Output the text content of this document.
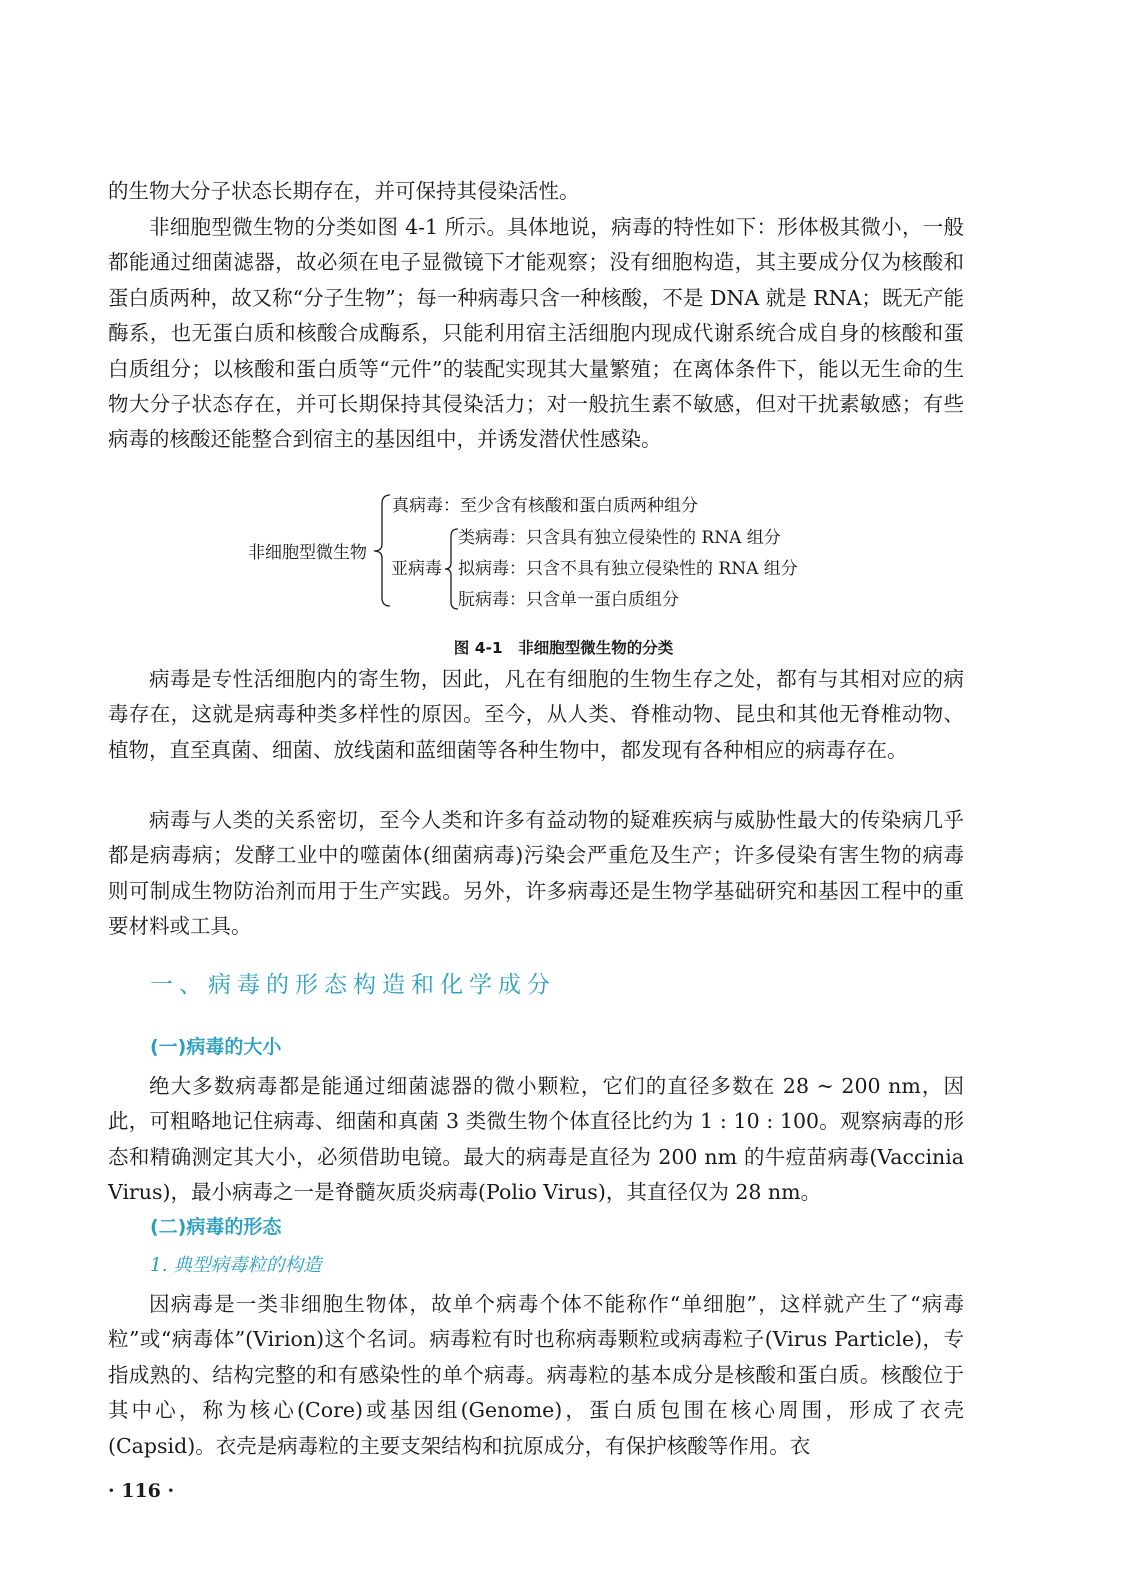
的生物大分子状态长期存在，并可保持其侵染活性。

非细胞型微生物的分类如图 4-1 所示。具体地说，病毒的特性如下：形体极其微小，一般都能通过细菌滤器，故必须在电子显微镜下才能观察；没有细胞构造，其主要成分仅为核酸和蛋白质两种，故又称“分子生物”；每一种病毒只含一种核酸，不是 DNA 就是 RNA；既无产能酶系，也无蛋白质和核酸合成酶系，只能利用宿主活细胞内现成代谢系统合成自身的核酸和蛋白质组分；以核酸和蛋白质等“元件”的装配实现其大量繁殖；在离体条件下，能以无生命的生物大分子状态存在，并可长期保持其侵染活力；对一般抗生素不敏感，但对干扰素敏感；有些病毒的核酸还能整合到宿主的基因组中，并诱发潜伏性感染。

非细胞型微生物
真病毒：至少含有核酸和蛋白质两种组分
亚病毒
类病毒：只含具有独立侵染性的 RNA 组分
拟病毒：只含不具有独立侵染性的 RNA 组分
朊病毒：只含单一蛋白质组分
图 4-1　非细胞型微生物的分类

病毒是专性活细胞内的寄生物，因此，凡在有细胞的生物生存之处，都有与其相对应的病毒存在，这就是病毒种类多样性的原因。至今，从人类、脊椎动物、昆虫和其他无脊椎动物、植物，直至真菌、细菌、放线菌和蓝细菌等各种生物中，都发现有各种相应的病毒存在。

病毒与人类的关系密切，至今人类和许多有益动物的疑难疾病与威胁性最大的传染病几乎都是病毒病；发酵工业中的噬菌体(细菌病毒)污染会严重危及生产；许多侵染有害生物的病毒则可制成生物防治剂而用于生产实践。另外，许多病毒还是生物学基础研究和基因工程中的重要材料或工具。

一、病毒的形态构造和化学成分
(一)病毒的大小

绝大多数病毒都是能通过细菌滤器的微小颗粒，它们的直径多数在 28 ~ 200 nm，因此，可粗略地记住病毒、细菌和真菌 3 类微生物个体直径比约为 1 : 10 : 100。观察病毒的形态和精确测定其大小，必须借助电镜。最大的病毒是直径为 200 nm 的牛痘苗病毒(Vaccinia Virus)，最小病毒之一是脊髓灰质炎病毒(Polio Virus)，其直径仅为 28 nm。

(二)病毒的形态
1. 典型病毒粒的构造

因病毒是一类非细胞生物体，故单个病毒个体不能称作“单细胞”，这样就产生了“病毒粒”或“病毒体”(Virion)这个名词。病毒粒有时也称病毒颗粒或病毒粒子(Virus Particle)，专指成熟的、结构完整的和有感染性的单个病毒。病毒粒的基本成分是核酸和蛋白质。核酸位于其中心，称为核心(Core)或基因组(Genome)，蛋白质包围在核心周围，形成了衣壳(Capsid)。衣壳是病毒粒的主要支架结构和抗原成分，有保护核酸等作用。衣

· 116 ·
